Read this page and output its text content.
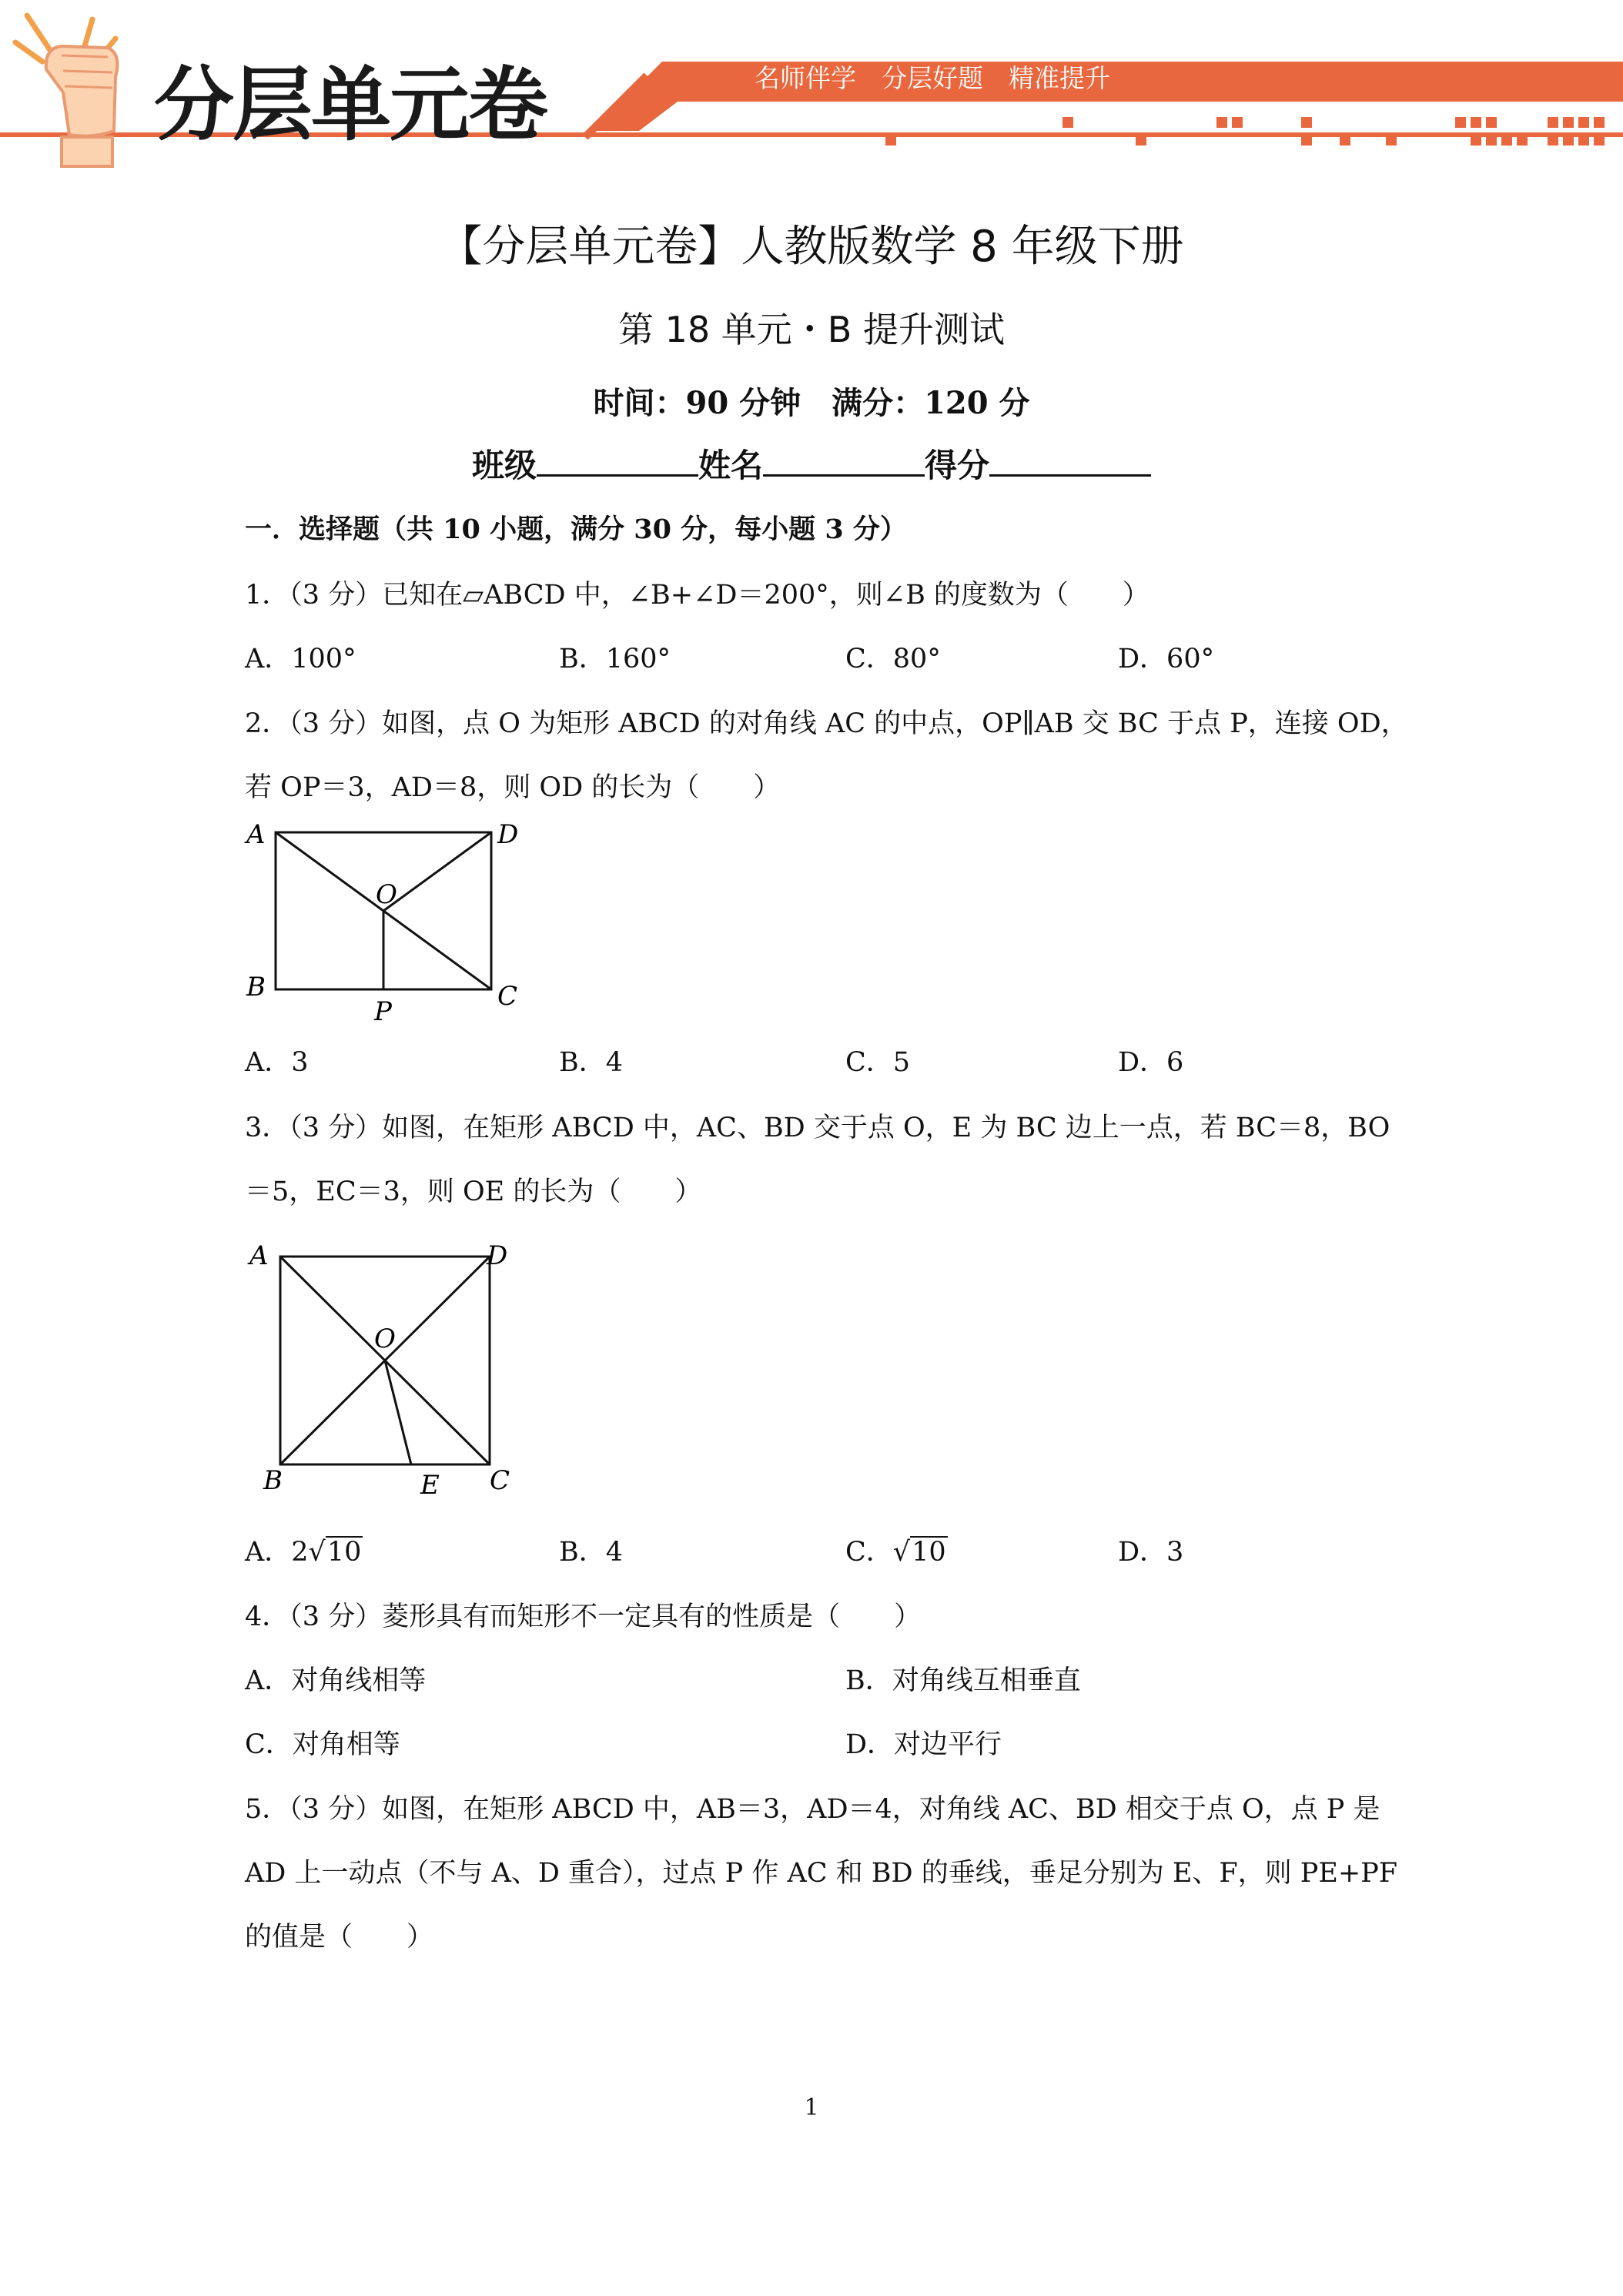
分层单元卷	名师伴学　分层好题　精准提升
【分层单元卷】人教版数学 8 年级下册
第 18 单元・B 提升测试
时间：90 分钟　满分：120 分
班级	姓名	得分
一．选择题（共 10 小题，满分 30 分，每小题 3 分）
1．（3 分）已知在▱ABCD 中，∠B+∠D＝200°，则∠B 的度数为（　　）
A．100°	B．160°	C．80°	D．60°
2．（3 分）如图，点 O 为矩形 ABCD 的对角线 AC 的中点，OP∥AB 交 BC 于点 P，连接 OD，
若 OP＝3，AD＝8，则 OD 的长为（　　）
A	D
O
B
P	C
A．3	B．4	C．5	D．6
3．（3 分）如图，在矩形 ABCD 中，AC、BD 交于点 O，E 为 BC 边上一点，若 BC＝8，BO
＝5，EC＝3，则 OE 的长为（　　）
A	D
O
B	E C
A．2√10	B．4	C．√10	D．3
4．（3 分）菱形具有而矩形不一定具有的性质是（　　）
A．对角线相等	B．对角线互相垂直
C．对角相等	D．对边平行
5．（3 分）如图，在矩形 ABCD 中，AB＝3，AD＝4，对角线 AC、BD 相交于点 O，点 P 是
AD 上一动点（不与 A、D 重合），过点 P 作 AC 和 BD 的垂线，垂足分别为 E、F，则 PE+PF
的值是（　　）
1
